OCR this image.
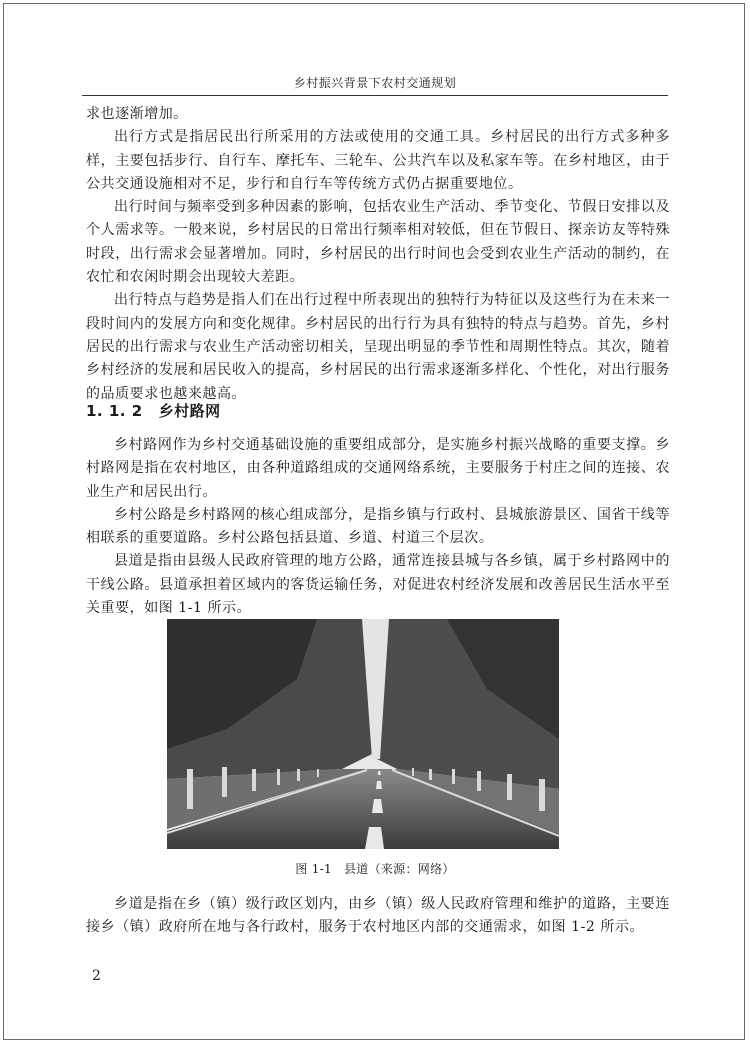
乡村振兴背景下农村交通规划

求也逐渐增加。

出行方式是指居民出行所采用的方法或使用的交通工具。乡村居民的出行方式多种多样，主要包括步行、自行车、摩托车、三轮车、公共汽车以及私家车等。在乡村地区，由于公共交通设施相对不足，步行和自行车等传统方式仍占据重要地位。

出行时间与频率受到多种因素的影响，包括农业生产活动、季节变化、节假日安排以及个人需求等。一般来说，乡村居民的日常出行频率相对较低，但在节假日、探亲访友等特殊时段，出行需求会显著增加。同时，乡村居民的出行时间也会受到农业生产活动的制约，在农忙和农闲时期会出现较大差距。

出行特点与趋势是指人们在出行过程中所表现出的独特行为特征以及这些行为在未来一段时间内的发展方向和变化规律。乡村居民的出行行为具有独特的特点与趋势。首先，乡村居民的出行需求与农业生产活动密切相关，呈现出明显的季节性和周期性特点。其次，随着乡村经济的发展和居民收入的提高，乡村居民的出行需求逐渐多样化、个性化，对出行服务的品质要求也越来越高。

1. 1. 2 乡村路网

乡村路网作为乡村交通基础设施的重要组成部分，是实施乡村振兴战略的重要支撑。乡村路网是指在农村地区，由各种道路组成的交通网络系统，主要服务于村庄之间的连接、农业生产和居民出行。

乡村公路是乡村路网的核心组成部分，是指乡镇与行政村、县城旅游景区、国省干线等相联系的重要道路。乡村公路包括县道、乡道、村道三个层次。

县道是指由县级人民政府管理的地方公路，通常连接县城与各乡镇，属于乡村路网中的干线公路。县道承担着区域内的客货运输任务，对促进农村经济发展和改善居民生活水平至关重要，如图 1-1 所示。

图 1-1 县道（来源：网络）

乡道是指在乡（镇）级行政区划内，由乡（镇）级人民政府管理和维护的道路，主要连接乡（镇）政府所在地与各行政村，服务于农村地区内部的交通需求，如图 1-2 所示。

2
